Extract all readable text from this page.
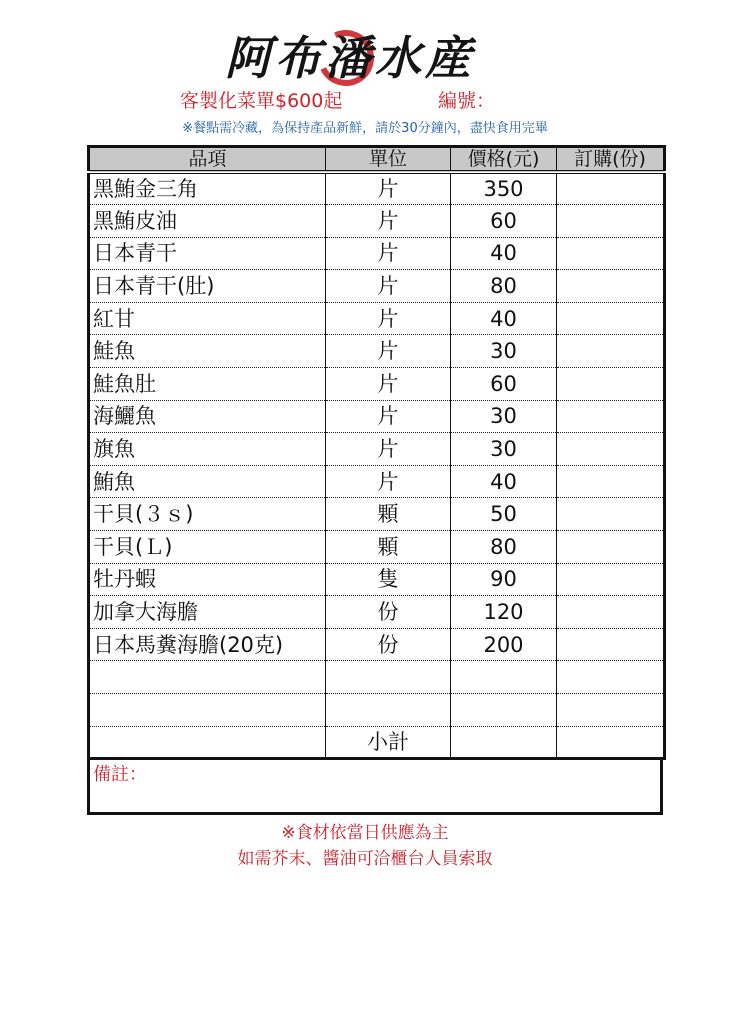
阿布潘水産
客製化菜單$600起	編號：
※餐點需冷藏，為保持產品新鮮，請於30分鐘內，盡快食用完畢
品項	單位	價格(元)	訂購(份)
黑鮪金三角	片	350	
黑鮪皮油	片	60	
日本青干	片	40	
日本青干(肚)	片	80	
紅甘	片	40	
鮭魚	片	30	
鮭魚肚	片	60	
海鱺魚	片	30	
旗魚	片	30	
鮪魚	片	40	
干貝(３ｓ)	顆	50	
干貝(Ｌ)	顆	80	
牡丹蝦	隻	90	
加拿大海膽	份	120	
日本馬糞海膽(20克)	份	200	

	小計		
備註：
※食材依當日供應為主
如需芥末、醬油可洽櫃台人員索取
